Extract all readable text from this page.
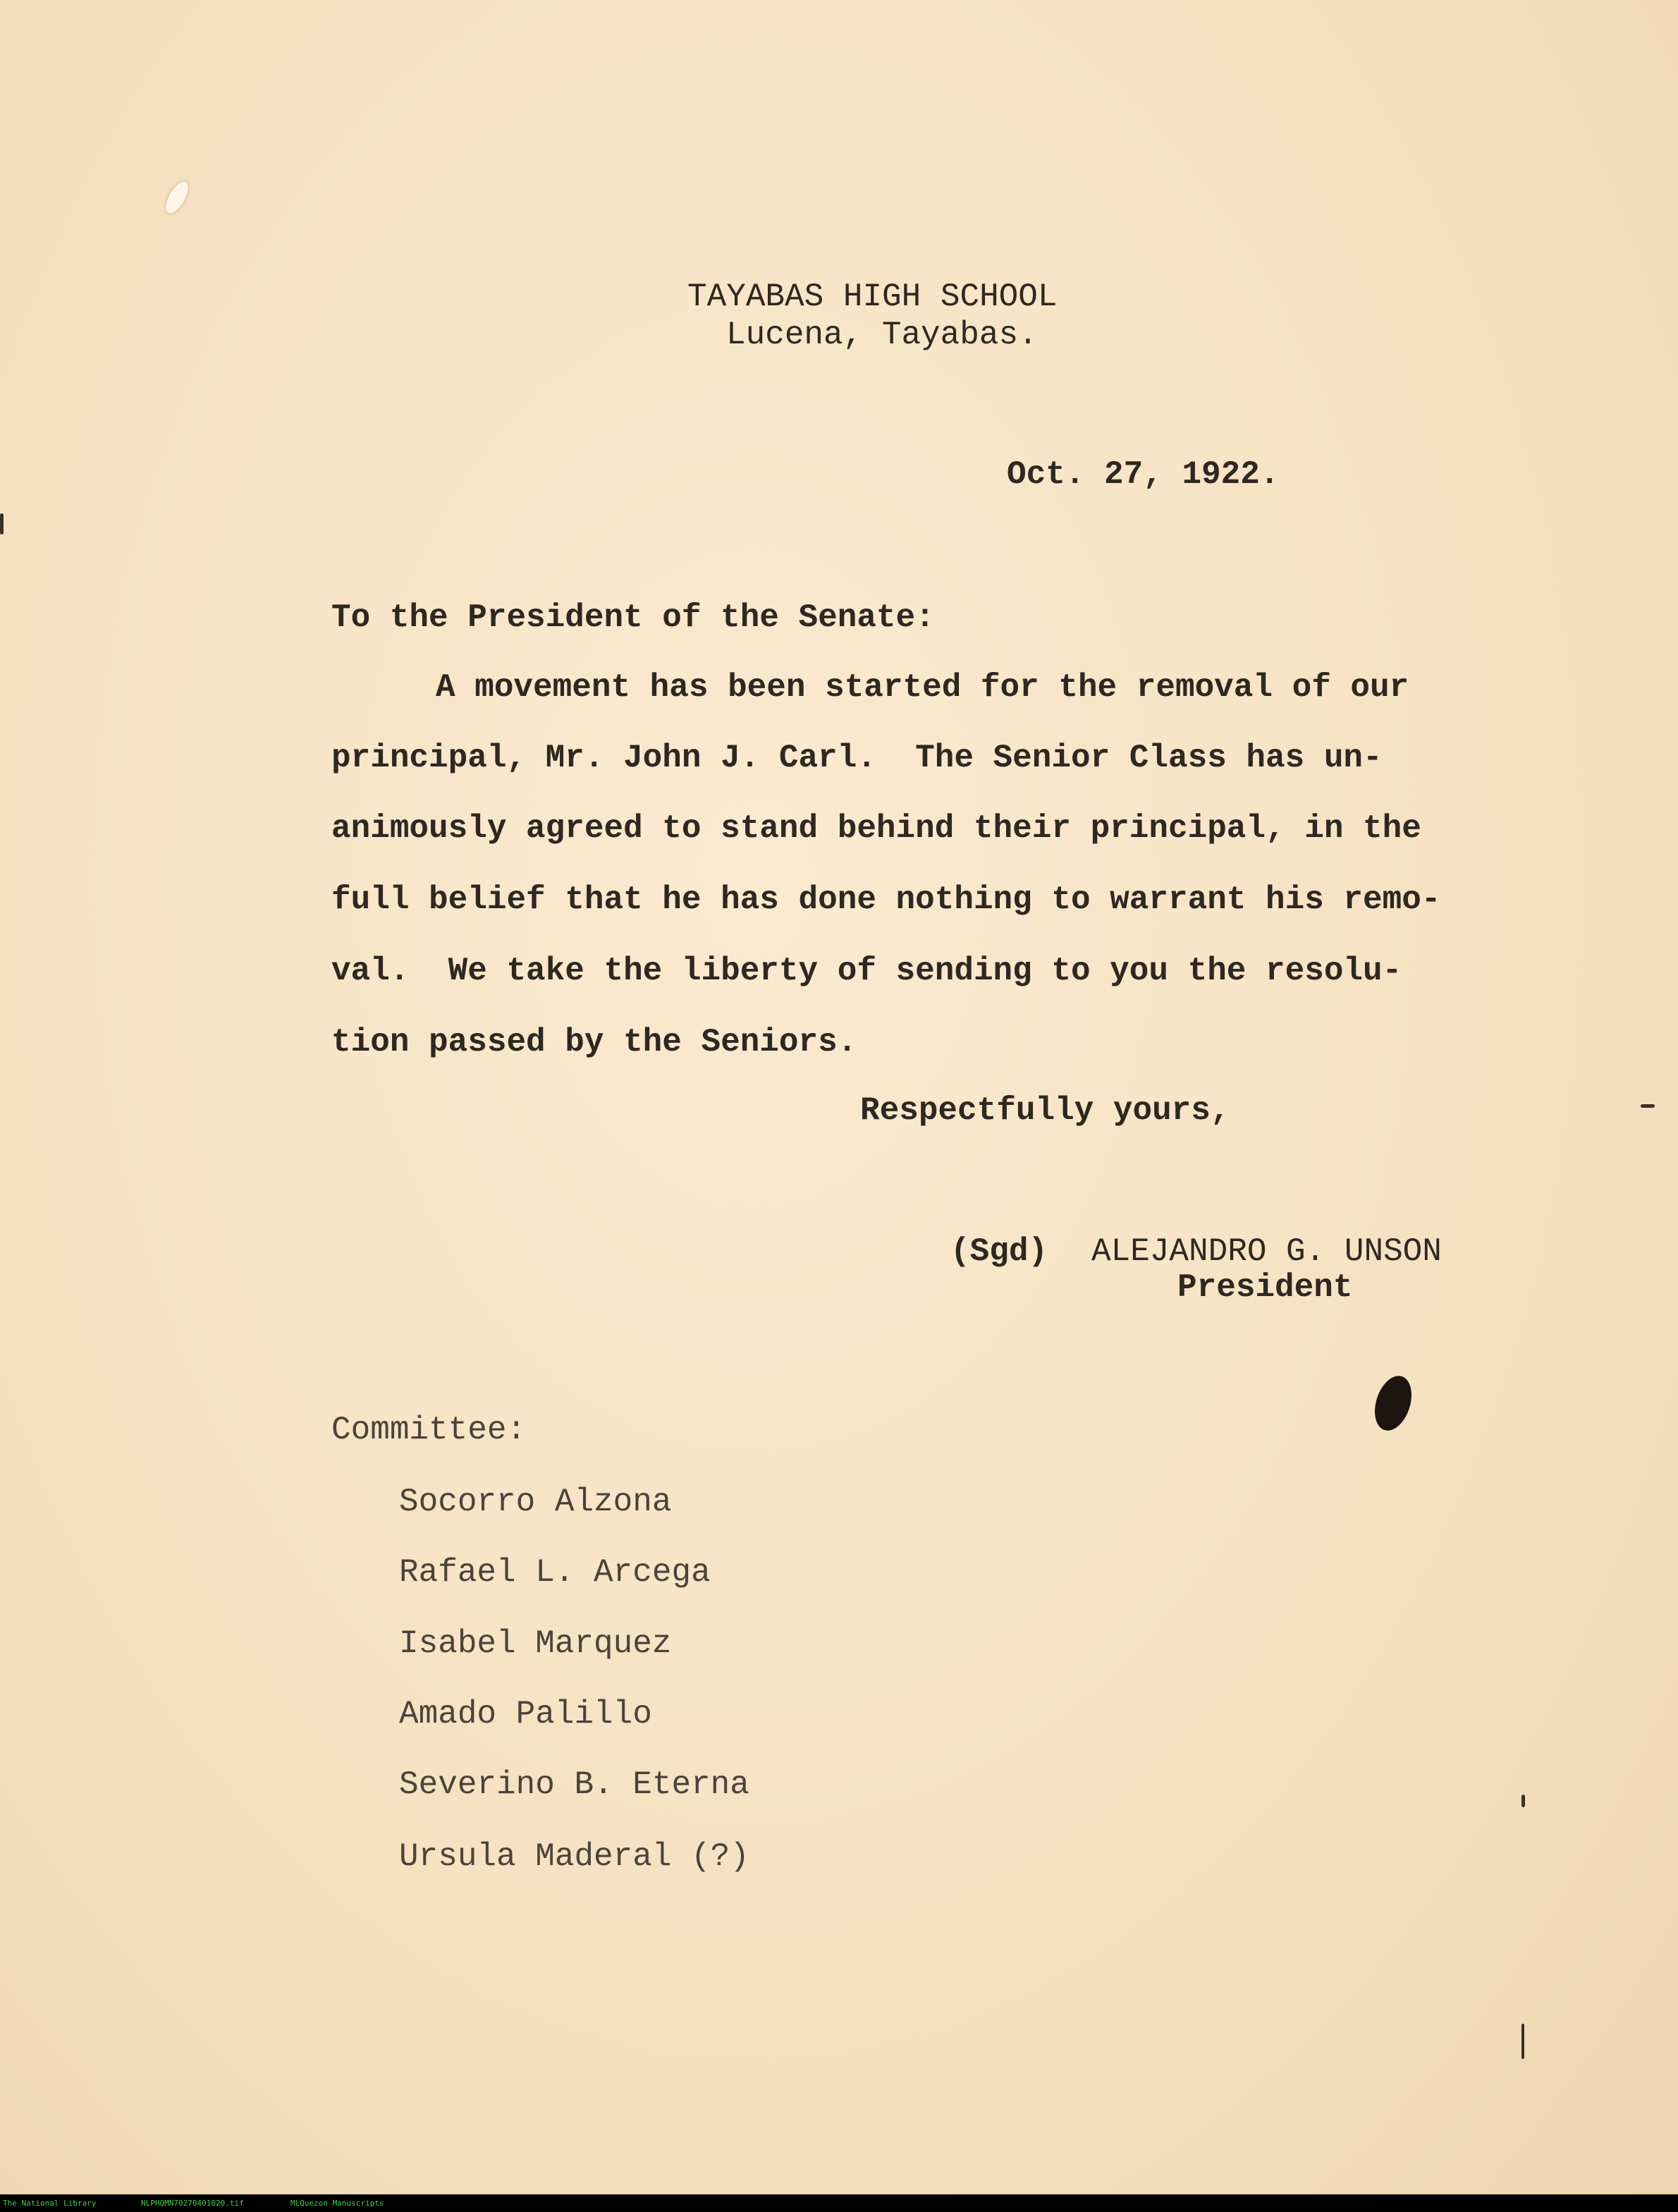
TAYABAS HIGH SCHOOL
Lucena, Tayabas.
Oct. 27, 1922.
To the President of the Senate:
A movement has been started for the removal of our
principal, Mr. John J. Carl.  The Senior Class has un-
animously agreed to stand behind their principal, in the
full belief that he has done nothing to warrant his remo-
val.  We take the liberty of sending to you the resolu-
tion passed by the Seniors.
Respectfully yours,
(Sgd) ALEJANDRO G. UNSON
President
Committee:
Socorro Alzona
Rafael L. Arcega
Isabel Marquez
Amado Palillo
Severino B. Eterna
Ursula Maderal (?)
The National Library	NLPHQMN70270401020.tif	MLQuezon Manuscripts
